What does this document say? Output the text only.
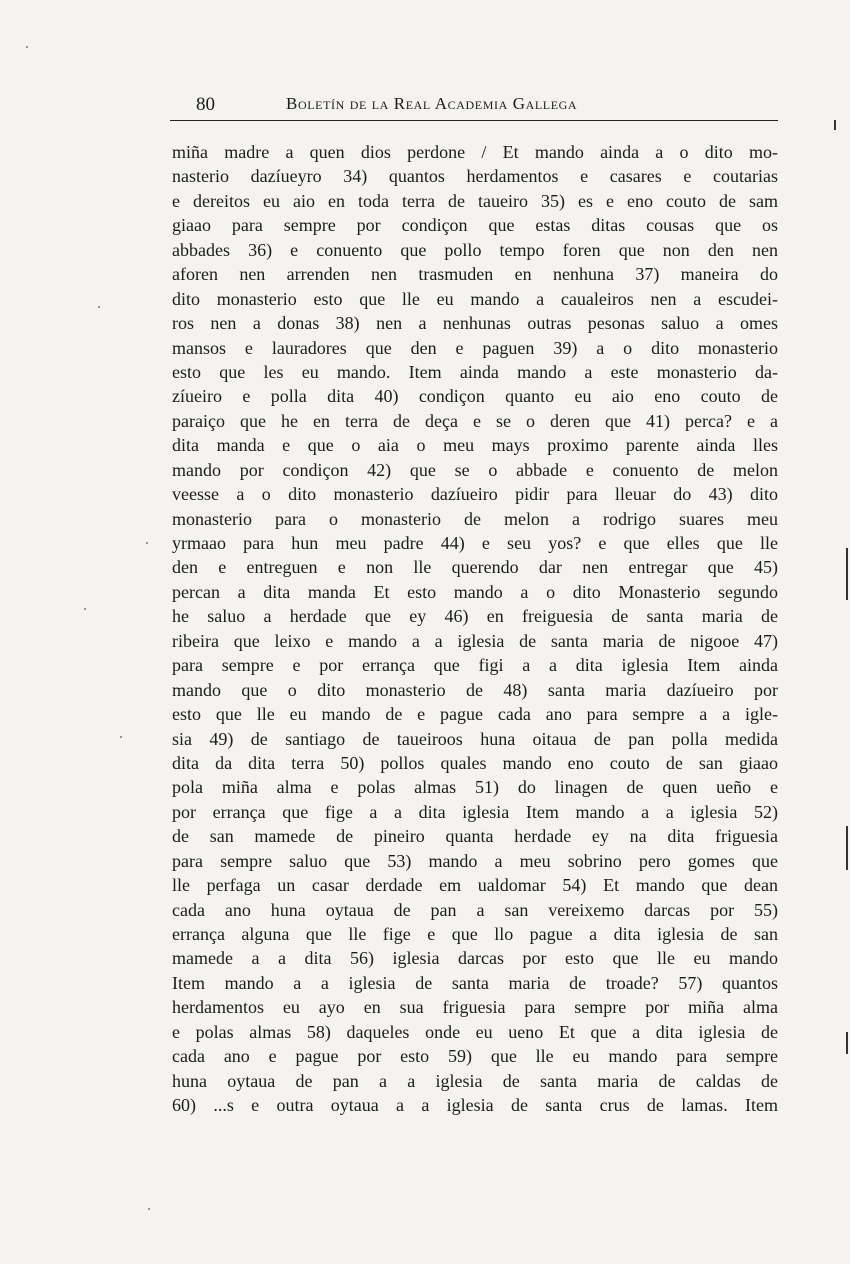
80	Boletín de la Real Academia Gallega
miña madre a quen dios perdone / Et mando ainda a o dito mo-
nasterio dazíueyro 34) quantos herdamentos e casares e coutarias
e dereitos eu aio en toda terra de taueiro 35) es e eno couto de sam
giaao para sempre por condiçon que estas ditas cousas que os
abbades 36) e conuento que pollo tempo foren que non den nen
aforen nen arrenden nen trasmuden en nenhuna 37) maneira do
dito monasterio esto que lle eu mando a caualeiros nen a escudei-
ros nen a donas 38) nen a nenhunas outras pesonas saluo a omes
mansos e lauradores que den e paguen 39) a o dito monasterio
esto que les eu mando. Item ainda mando a este monasterio da-
zíueiro e polla dita 40) condiçon quanto eu aio eno couto de
paraiço que he en terra de deça e se o deren que 41) perca? e a
dita manda e que o aia o meu mays proximo parente ainda lles
mando por condiçon 42) que se o abbade e conuento de melon
veesse a o dito monasterio dazíueiro pidir para lleuar do 43) dito
monasterio para o monasterio de melon a rodrigo suares meu
yrmaao para hun meu padre 44) e seu yos? e que elles que lle
den e entreguen e non lle querendo dar nen entregar que 45)
percan a dita manda Et esto mando a o dito Monasterio segundo
he saluo a herdade que ey 46) en freiguesia de santa maria de
ribeira que leixo e mando a a iglesia de santa maria de nigooe 47)
para sempre e por errança que figi a a dita iglesia Item ainda
mando que o dito monasterio de 48) santa maria dazíueiro por
esto que lle eu mando de e pague cada ano para sempre a a igle-
sia 49) de santiago de taueiroos huna oitaua de pan polla medida
dita da dita terra 50) pollos quales mando eno couto de san giaao
pola miña alma e polas almas 51) do linagen de quen ueño e
por errança que fige a a dita iglesia Item mando a a iglesia 52)
de san mamede de pineiro quanta herdade ey na dita friguesia
para sempre saluo que 53) mando a meu sobrino pero gomes que
lle perfaga un casar derdade em ualdomar 54) Et mando que dean
cada ano huna oytaua de pan a san vereixemo darcas por 55)
errança alguna que lle fige e que llo pague a dita iglesia de san
mamede a a dita 56) iglesia darcas por esto que lle eu mando
Item mando a a iglesia de santa maria de troade? 57) quantos
herdamentos eu ayo en sua friguesia para sempre por miña alma
e polas almas 58) daqueles onde eu ueno Et que a dita iglesia de
cada ano e pague por esto 59) que lle eu mando para sempre
huna oytaua de pan a a iglesia de santa maria de caldas de
60) ...s e outra oytaua a a iglesia de santa crus de lamas. Item
